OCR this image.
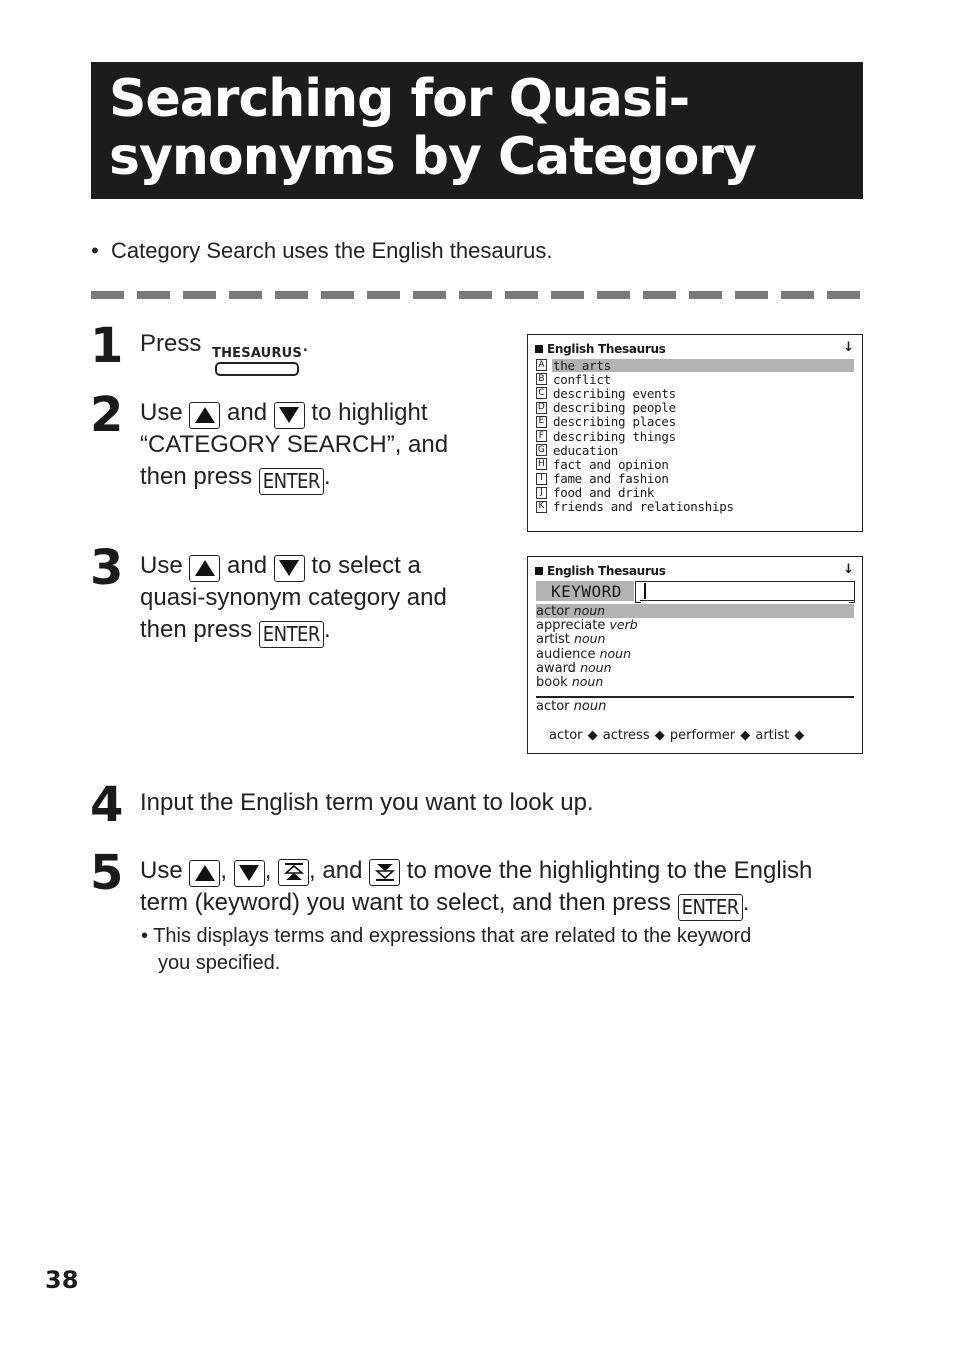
Searching for Quasi-
synonyms by Category
• Category Search uses the English thesaurus.
1 Press THESAURUS .
2 Use and to highlight
“CATEGORY SEARCH”, and
then press ENTER .
English Thesaurus	↓
A the arts
B conflict
C describing events
D describing people
E describing places
F describing things
G education
H fact and opinion
I fame and fashion
J food and drink
K friends and relationships
3 Use and to select a
quasi-synonym category and
then press ENTER .
English Thesaurus	↓
KEYWORD
actor noun
appreciate verb
artist noun
audience noun
award noun
book noun
actor noun
actor ◆ actress ◆ performer ◆ artist ◆
4 Input the English term you want to look up.
5 Use , , , and to move the highlighting to the English
term (keyword) you want to select, and then press ENTER .
• This displays terms and expressions that are related to the keyword
you specified.
38
